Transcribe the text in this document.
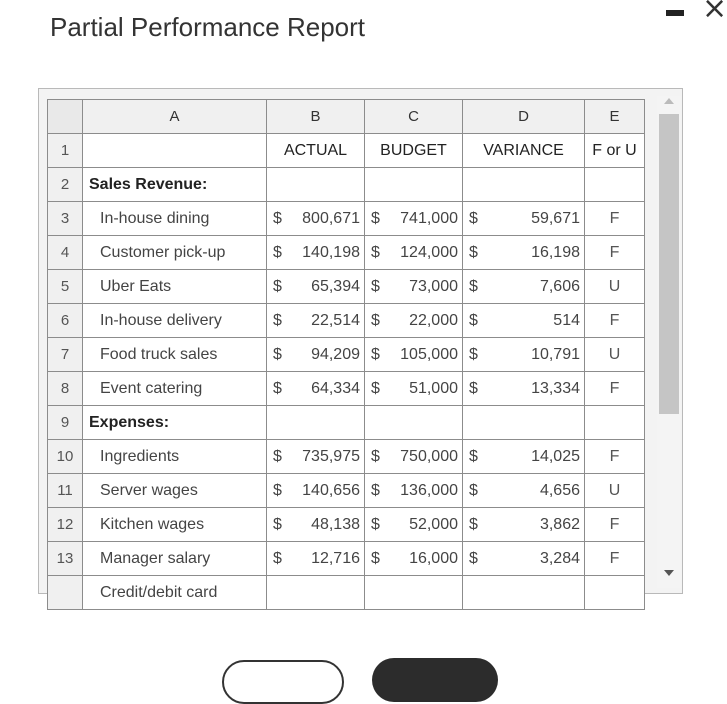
Partial Performance Report
×
	A	B	C	D	E
1		ACTUAL	BUDGET	VARIANCE	F or U
2	Sales Revenue:				
3	In-house dining	$ 800,671	$ 741,000	$ 59,671	F
4	Customer pick-up	$ 140,198	$ 124,000	$ 16,198	F
5	Uber Eats	$ 65,394	$ 73,000	$ 7,606	U
6	In-house delivery	$ 22,514	$ 22,000	$ 514	F
7	Food truck sales	$ 94,209	$ 105,000	$ 10,791	U
8	Event catering	$ 64,334	$ 51,000	$ 13,334	F
9	Expenses:				
10	Ingredients	$ 735,975	$ 750,000	$ 14,025	F
11	Server wages	$ 140,656	$ 136,000	$ 4,656	U
12	Kitchen wages	$ 48,138	$ 52,000	$ 3,862	F
13	Manager salary	$ 12,716	$ 16,000	$ 3,284	F
	Credit/debit card				
